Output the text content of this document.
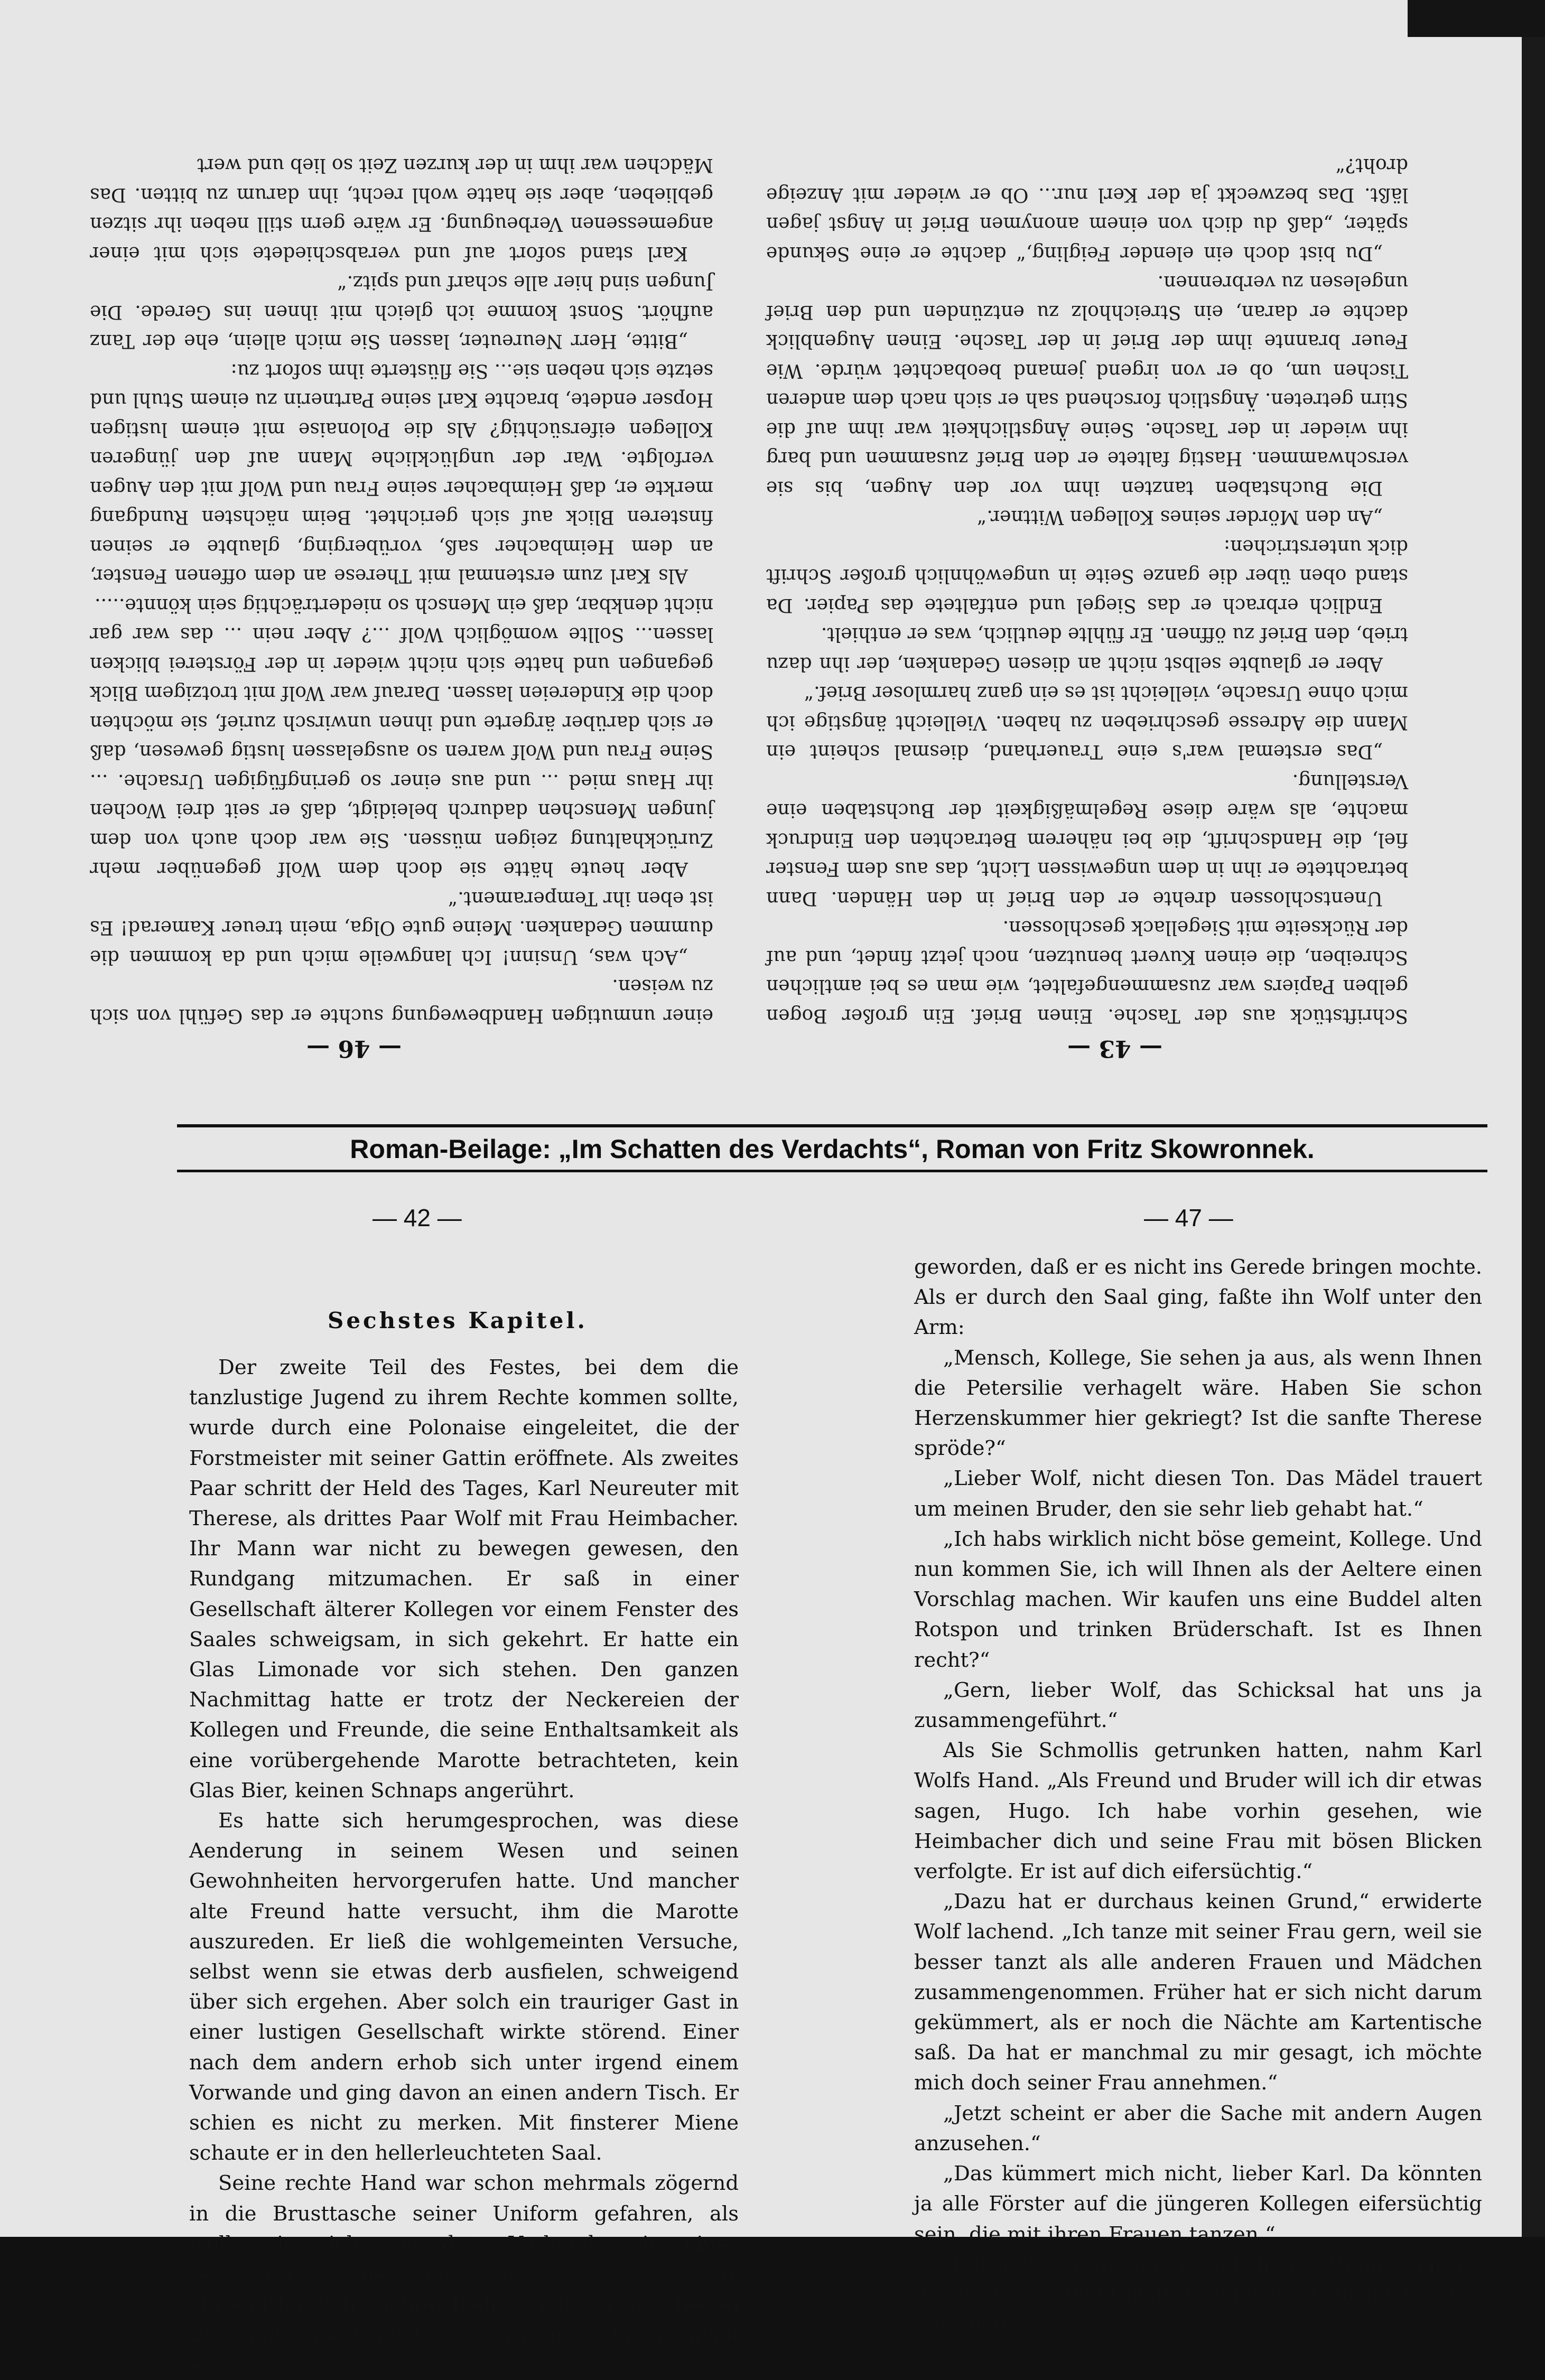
— 46 —	— 43 —

Schriftstück aus der Tasche. Einen Brief. Ein großer Bogen gelben Papiers war zusammengefaltet, wie man es bei amtlichen Schreiben, die einen Kuvert benutzen, noch jetzt findet, und auf der Rückseite mit Siegellack geschlossen.

Unentschlossen drehte er den Brief in den Händen. Dann betrachtete er ihn in dem ungewissen Licht, das aus dem Fenster fiel, die Handschrift, die bei näherem Betrachten den Eindruck machte, als wäre diese Regelmäßigkeit der Buchstaben eine Verstellung.

„Das erstemal war's eine Trauerhand, diesmal scheint ein Mann die Adresse geschrieben zu haben. Vielleicht ängstige ich mich ohne Ursache, vielleicht ist es ein ganz harmloser Brief.“

Aber er glaubte selbst nicht an diesen Gedanken, der ihn dazu trieb, den Brief zu öffnen. Er fühlte deutlich, was er enthielt.

Endlich erbrach er das Siegel und entfaltete das Papier. Da stand oben über die ganze Seite in ungewöhnlich großer Schrift dick unterstrichen:

„An den Mörder seines Kollegen Wittner.“

Die Buchstaben tanzten ihm vor den Augen, bis sie verschwammen. Hastig faltete er den Brief zusammen und barg ihn wieder in der Tasche. Seine Ängstlichkeit war ihm auf die Stirn getreten. Ängstlich forschend sah er sich nach dem anderen Tischen um, ob er von irgend jemand beobachtet würde. Wie Feuer brannte ihm der Brief in der Tasche. Einen Augenblick dachte er daran, ein Streichholz zu entzünden und den Brief ungelesen zu verbrennen.

„Du bist doch ein elender Feigling,“ dachte er eine Sekunde später, „daß du dich von einem anonymen Brief in Angst jagen läßt. Das bezweckt ja der Kerl nur... Ob er wieder mit Anzeige droht?“

einer unmutigen Handbewegung suchte er das Gefühl von sich zu weisen.

„Ach was, Unsinn! Ich langweile mich und da kommen die dummen Gedanken. Meine gute Olga, mein treuer Kamerad! Es ist eben ihr Temperament.“

Aber heute hätte sie doch dem Wolf gegenüber mehr Zurückhaltung zeigen müssen. Sie war doch auch von dem jungen Menschen dadurch beleidigt, daß er seit drei Wochen ihr Haus mied ... und aus einer so geringfügigen Ursache. ... Seine Frau und Wolf waren so ausgelassen lustig gewesen, daß er sich darüber ärgerte und ihnen unwirsch zurief, sie möchten doch die Kindereien lassen. Darauf war Wolf mit trotzigem Blick gegangen und hatte sich nicht wieder in der Försterei blicken lassen... Sollte womöglich Wolf ...? Aber nein ... das war gar nicht denkbar, daß ein Mensch so niederträchtig sein könnte.....

Als Karl zum erstenmal mit Therese an dem offenen Fenster, an dem Heimbacher saß, vorüberging, glaubte er seinen finsteren Blick auf sich gerichtet. Beim nächsten Rundgang merkte er, daß Heimbacher seine Frau und Wolf mit den Augen verfolgte. War der unglückliche Mann auf den jüngeren Kollegen eifersüchtig? Als die Polonaise mit einem lustigen Hopser endete, brachte Karl seine Partnerin zu einem Stuhl und setzte sich neben sie... Sie flüsterte ihm sofort zu:

„Bitte, Herr Neureuter, lassen Sie mich allein, ehe der Tanz aufhört. Sonst komme ich gleich mit ihnen ins Gerede. Die Jungen sind hier alle scharf und spitz.“

Karl stand sofort auf und verabschiedete sich mit einer angemessenen Verbeugung. Er wäre gern still neben ihr sitzen geblieben, aber sie hatte wohl recht, ihn darum zu bitten. Das Mädchen war ihm in der kurzen Zeit so lieb und wert

Roman-Beilage: „Im Schatten des Verdachts“, Roman von Fritz Skowronnek.
— 42 —	— 47 —
Sechstes Kapitel.

Der zweite Teil des Festes, bei dem die tanzlustige Jugend zu ihrem Rechte kommen sollte, wurde durch eine Polonaise eingeleitet, die der Forstmeister mit seiner Gattin eröffnete. Als zweites Paar schritt der Held des Tages, Karl Neureuter mit Therese, als drittes Paar Wolf mit Frau Heimbacher. Ihr Mann war nicht zu bewegen gewesen, den Rundgang mitzumachen. Er saß in einer Gesellschaft älterer Kollegen vor einem Fenster des Saales schweigsam, in sich gekehrt. Er hatte ein Glas Limonade vor sich stehen. Den ganzen Nachmittag hatte er trotz der Neckereien der Kollegen und Freunde, die seine Enthaltsamkeit als eine vorübergehende Marotte betrachteten, kein Glas Bier, keinen Schnaps angerührt.

Es hatte sich herumgesprochen, was diese Aenderung in seinem Wesen und seinen Gewohnheiten hervorgerufen hatte. Und mancher alte Freund hatte versucht, ihm die Marotte auszureden. Er ließ die wohlgemeinten Versuche, selbst wenn sie etwas derb ausfielen, schweigend über sich ergehen. Aber solch ein trauriger Gast in einer lustigen Gesellschaft wirkte störend. Einer nach dem andern erhob sich unter irgend einem Vorwande und ging davon an einen andern Tisch. Er schien es nicht zu merken. Mit finsterer Miene schaute er in den hellerleuchteten Saal.

Seine rechte Hand war schon mehrmals zögernd in die Brusttasche seiner Uniform gefahren, als wolle sie sich von dem Vorhandensein eines Gegenstandes überzeugen, den der Förster für außerordentlich wichtig hielt. Nach einem scheuen Blick auf seine Umgebung zog Heimbacher wirklich ein

geworden, daß er es nicht ins Gerede bringen mochte. Als er durch den Saal ging, faßte ihn Wolf unter den Arm:

„Mensch, Kollege, Sie sehen ja aus, als wenn Ihnen die Petersilie verhagelt wäre. Haben Sie schon Herzenskummer hier gekriegt? Ist die sanfte Therese spröde?“

„Lieber Wolf, nicht diesen Ton. Das Mädel trauert um meinen Bruder, den sie sehr lieb gehabt hat.“

„Ich habs wirklich nicht böse gemeint, Kollege. Und nun kommen Sie, ich will Ihnen als der Aeltere einen Vorschlag machen. Wir kaufen uns eine Buddel alten Rotspon und trinken Brüderschaft. Ist es Ihnen recht?“

„Gern, lieber Wolf, das Schicksal hat uns ja zusammengeführt.“

Als Sie Schmollis getrunken hatten, nahm Karl Wolfs Hand. „Als Freund und Bruder will ich dir etwas sagen, Hugo. Ich habe vorhin gesehen, wie Heimbacher dich und seine Frau mit bösen Blicken verfolgte. Er ist auf dich eifersüchtig.“

„Dazu hat er durchaus keinen Grund,“ erwiderte Wolf lachend. „Ich tanze mit seiner Frau gern, weil sie besser tanzt als alle anderen Frauen und Mädchen zusammengenommen. Früher hat er sich nicht darum gekümmert, als er noch die Nächte am Kartentische saß. Da hat er manchmal zu mir gesagt, ich möchte mich doch seiner Frau annehmen.“

„Jetzt scheint er aber die Sache mit andern Augen anzusehen.“

„Das kümmert mich nicht, lieber Karl. Da könnten ja alle Förster auf die jüngeren Kollegen eifersüchtig sein, die mit ihren Frauen tanzen.“

„Ich habe es dir nur gesagt, lieber Hugo, weil ich es für meine Pflicht hielt. Dann will ich dir noch etwas mitteilen.
